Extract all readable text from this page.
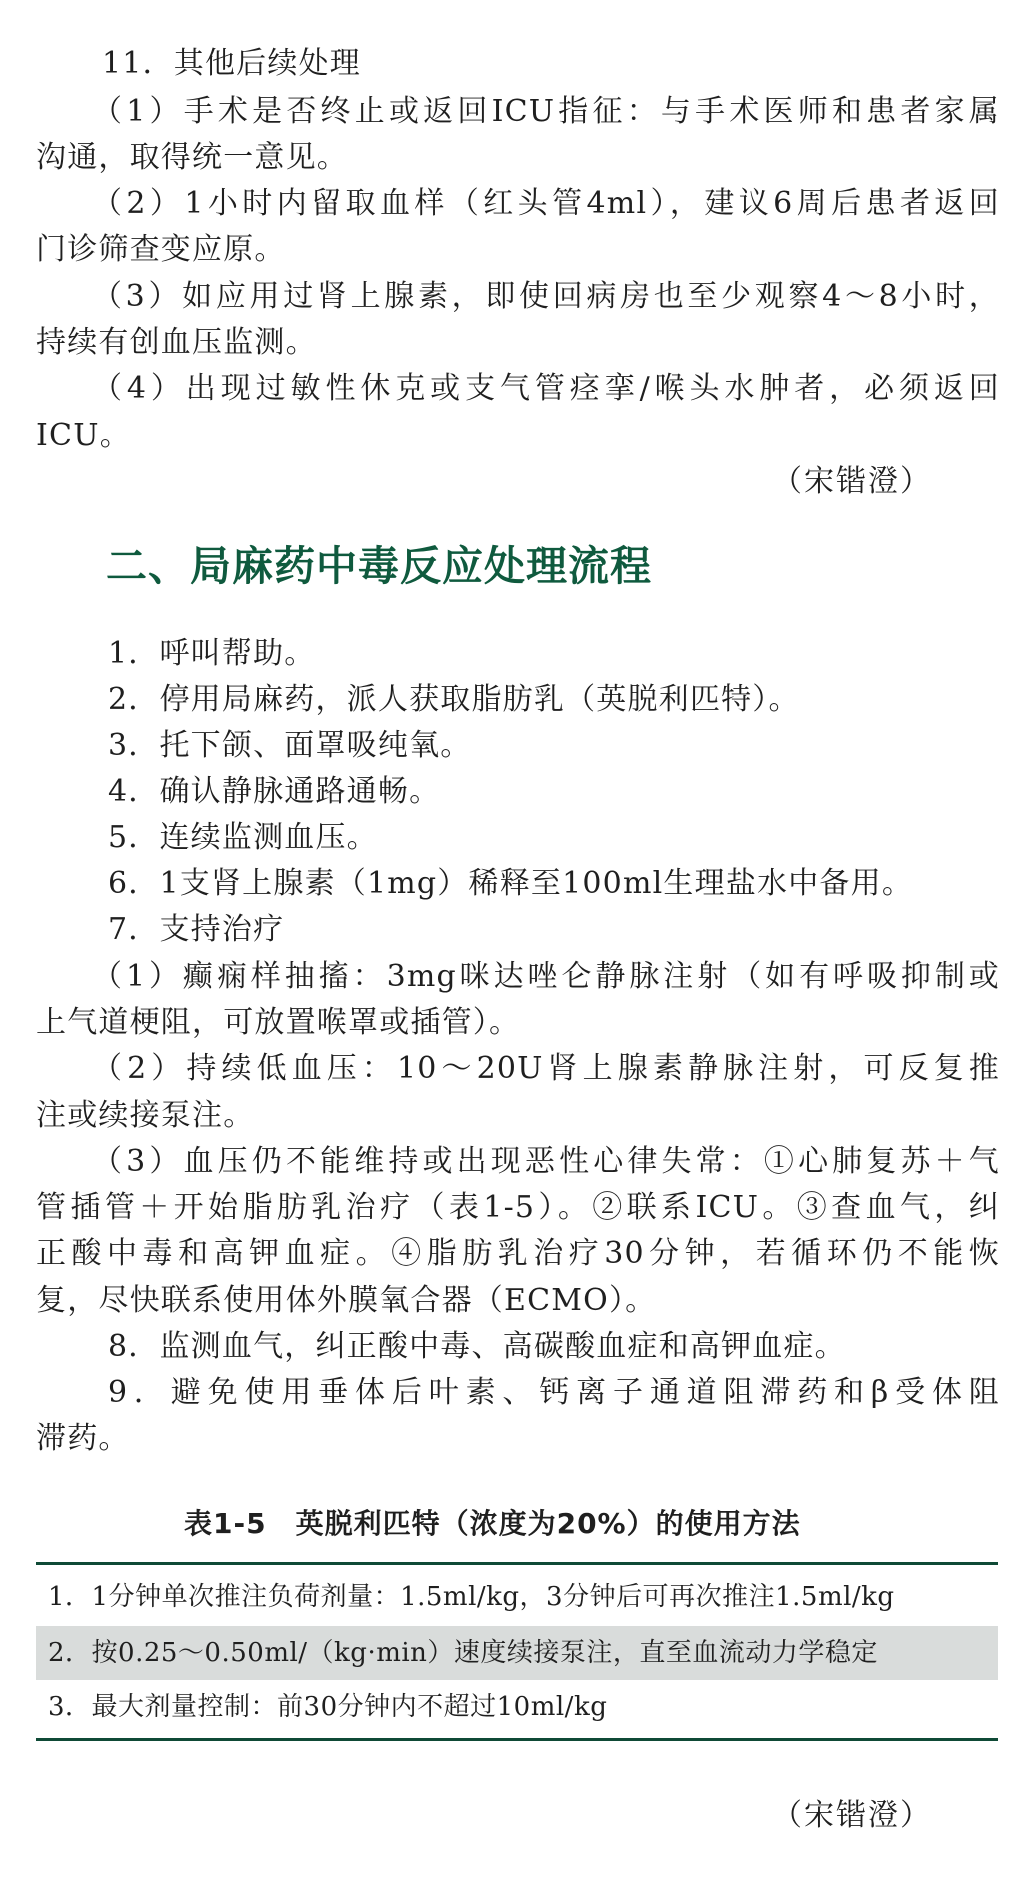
11．其他后续处理
（1）手术是否终止或返回ICU指征：与手术医师和患者家属
沟通，取得统一意见。
（2）1小时内留取血样（红头管4ml），建议6周后患者返回
门诊筛查变应原。
（3）如应用过肾上腺素，即使回病房也至少观察4～8小时，
持续有创血压监测。
（4）出现过敏性休克或支气管痉挛/喉头水肿者，必须返回
ICU。
（宋锴澄）
二、局麻药中毒反应处理流程
1．呼叫帮助。
2．停用局麻药，派人获取脂肪乳（英脱利匹特）。
3．托下颌、面罩吸纯氧。
4．确认静脉通路通畅。
5．连续监测血压。
6．1支肾上腺素（1mg）稀释至100ml生理盐水中备用。
7．支持治疗
（1）癫痫样抽搐：3mg咪达唑仑静脉注射（如有呼吸抑制或
上气道梗阻，可放置喉罩或插管）。
（2）持续低血压：10～20U肾上腺素静脉注射，可反复推
注或续接泵注。
（3）血压仍不能维持或出现恶性心律失常：①心肺复苏＋气
管插管＋开始脂肪乳治疗（表1-5）。②联系ICU。③查血气，纠
正酸中毒和高钾血症。④脂肪乳治疗30分钟，若循环仍不能恢
复，尽快联系使用体外膜氧合器（ECMO）。
8．监测血气，纠正酸中毒、高碳酸血症和高钾血症。
9．避免使用垂体后叶素、钙离子通道阻滞药和β受体阻
滞药。
表1-5　英脱利匹特（浓度为20%）的使用方法
1．1分钟单次推注负荷剂量：1.5ml/kg，3分钟后可再次推注1.5ml/kg
2．按0.25～0.50ml/（kg·min）速度续接泵注，直至血流动力学稳定
3．最大剂量控制：前30分钟内不超过10ml/kg
（宋锴澄）
